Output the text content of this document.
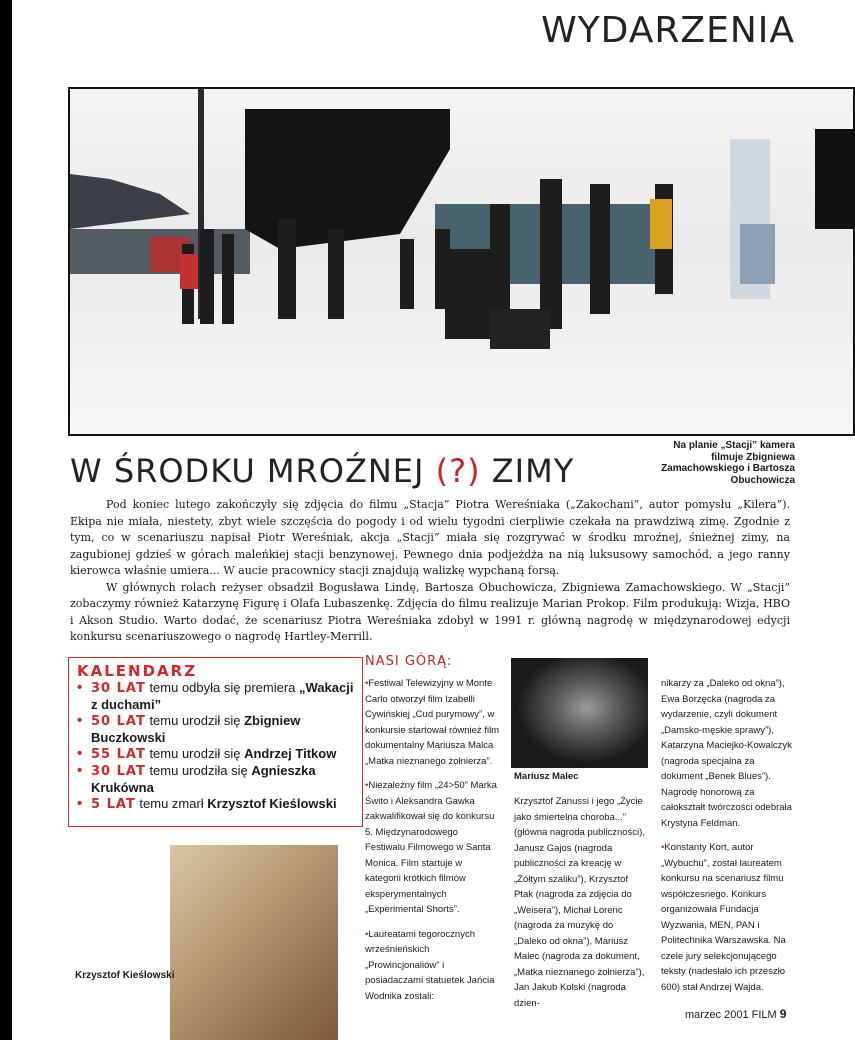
WYDARZENIA
Na planie „Stacji” kamera filmuje Zbigniewa Zamachowskiego i Bartosza Obuchowicza
W ŚRODKU MROŹNEJ (?) ZIMY

Pod koniec lutego zakończyły się zdjęcia do filmu „Stacja” Piotra Wereśniaka („Zakochani”, autor pomysłu „Kilera”). Ekipa nie miała, niestety, zbyt wiele szczęścia do pogody i od wielu tygodni cierpliwie czekała na prawdziwą zimę. Zgodnie z tym, co w scenariuszu napisał Piotr Wereśniak, akcja „Stacji” miała się rozgrywać w środku mroźnej, śnieżnej zimy, na zagubionej gdzieś w górach maleńkiej stacji benzynowej. Pewnego dnia podjeżdża na nią luksusowy samochód, a jego ranny kierowca właśnie umiera... W aucie pracownicy stacji znajdują walizkę wypchaną forsą.

W głównych rolach reżyser obsadził Bogusława Lindę, Bartosza Obuchowicza, Zbigniewa Zamachowskiego. W „Stacji” zobaczymy również Katarzynę Figurę i Olafa Lubaszenkę. Zdjęcia do filmu realizuje Marian Prokop. Film produkują: Wizja, HBO i Akson Studio. Warto dodać, że scenariusz Piotra Wereśniaka zdobył w 1991 r. główną nagrodę w międzynarodowej edycji konkursu scenariuszowego o nagrodę Hartley-Merrill.

KALENDARZ
• 30 LAT temu odbyła się premiera „Wakacji z duchami”
• 50 LAT temu urodził się Zbigniew Buczkowski
• 55 LAT temu urodził się Andrzej Titkow
• 30 LAT temu urodziła się Agnieszka Krukówna
• 5 LAT temu zmarł Krzysztof Kieślowski
Krzysztof Kieślowski
NASI GÓRĄ:

•Festiwal Telewizyjny w Monte Carlo otworzył film Izabelli Cywińskiej „Cud purymowy”, w konkursie startował również film dokumentalny Mariusza Malca „Matka nieznanego żołnierza”.

•Niezależny film „24>50” Marka Świto i Aleksandra Gawka zakwalifikował się do konkursu 5. Międzynarodowego Festiwalu Filmowego w Santa Monica. Film startuje w kategorii krótkich filmów eksperymentalnych „Experimental Shorts”.

•Laureatami tegorocznych wrześnieńskich „Prowincjonaliów” i posiadaczami statuetek Jańcia Wodnika zostali:

Mariusz Malec

Krzysztof Zanussi i jego „Życie jako śmiertelna choroba...” (główna nagroda publiczności), Janusz Gajos (nagroda publiczności za kreację w „Żółtym szaliku”), Krzysztof Ptak (nagroda za zdjęcia do „Weisera”), Michał Lorenc (nagroda za muzykę do „Daleko od okna”), Mariusz Malec (nagroda za dokument, „Matka nieznanego żołnierza”), Jan Jakub Kolski (nagroda dzien-

nikarzy za „Daleko od okna”), Ewa Borzęcka (nagroda za wydarzenie, czyli dokument „Damsko-męskie sprawy”), Katarzyna Maciejko-Kowalczyk (nagroda specjalna za dokument „Benek Blues”). Nagrodę honorową za całokształt twórczości odebrała Krystyna Feldman.

•Konstanty Kort, autor „Wybuchu”, został laureatem konkursu na scenariusz filmu współczesnego. Konkurs organizowała Fundacja Wyzwania, MEN, PAN i Politechnika Warszawska. Na czele jury selekcjonującego teksty (nadesłało ich przeszło 600) stał Andrzej Wajda.

marzec 2001 FILM 9
